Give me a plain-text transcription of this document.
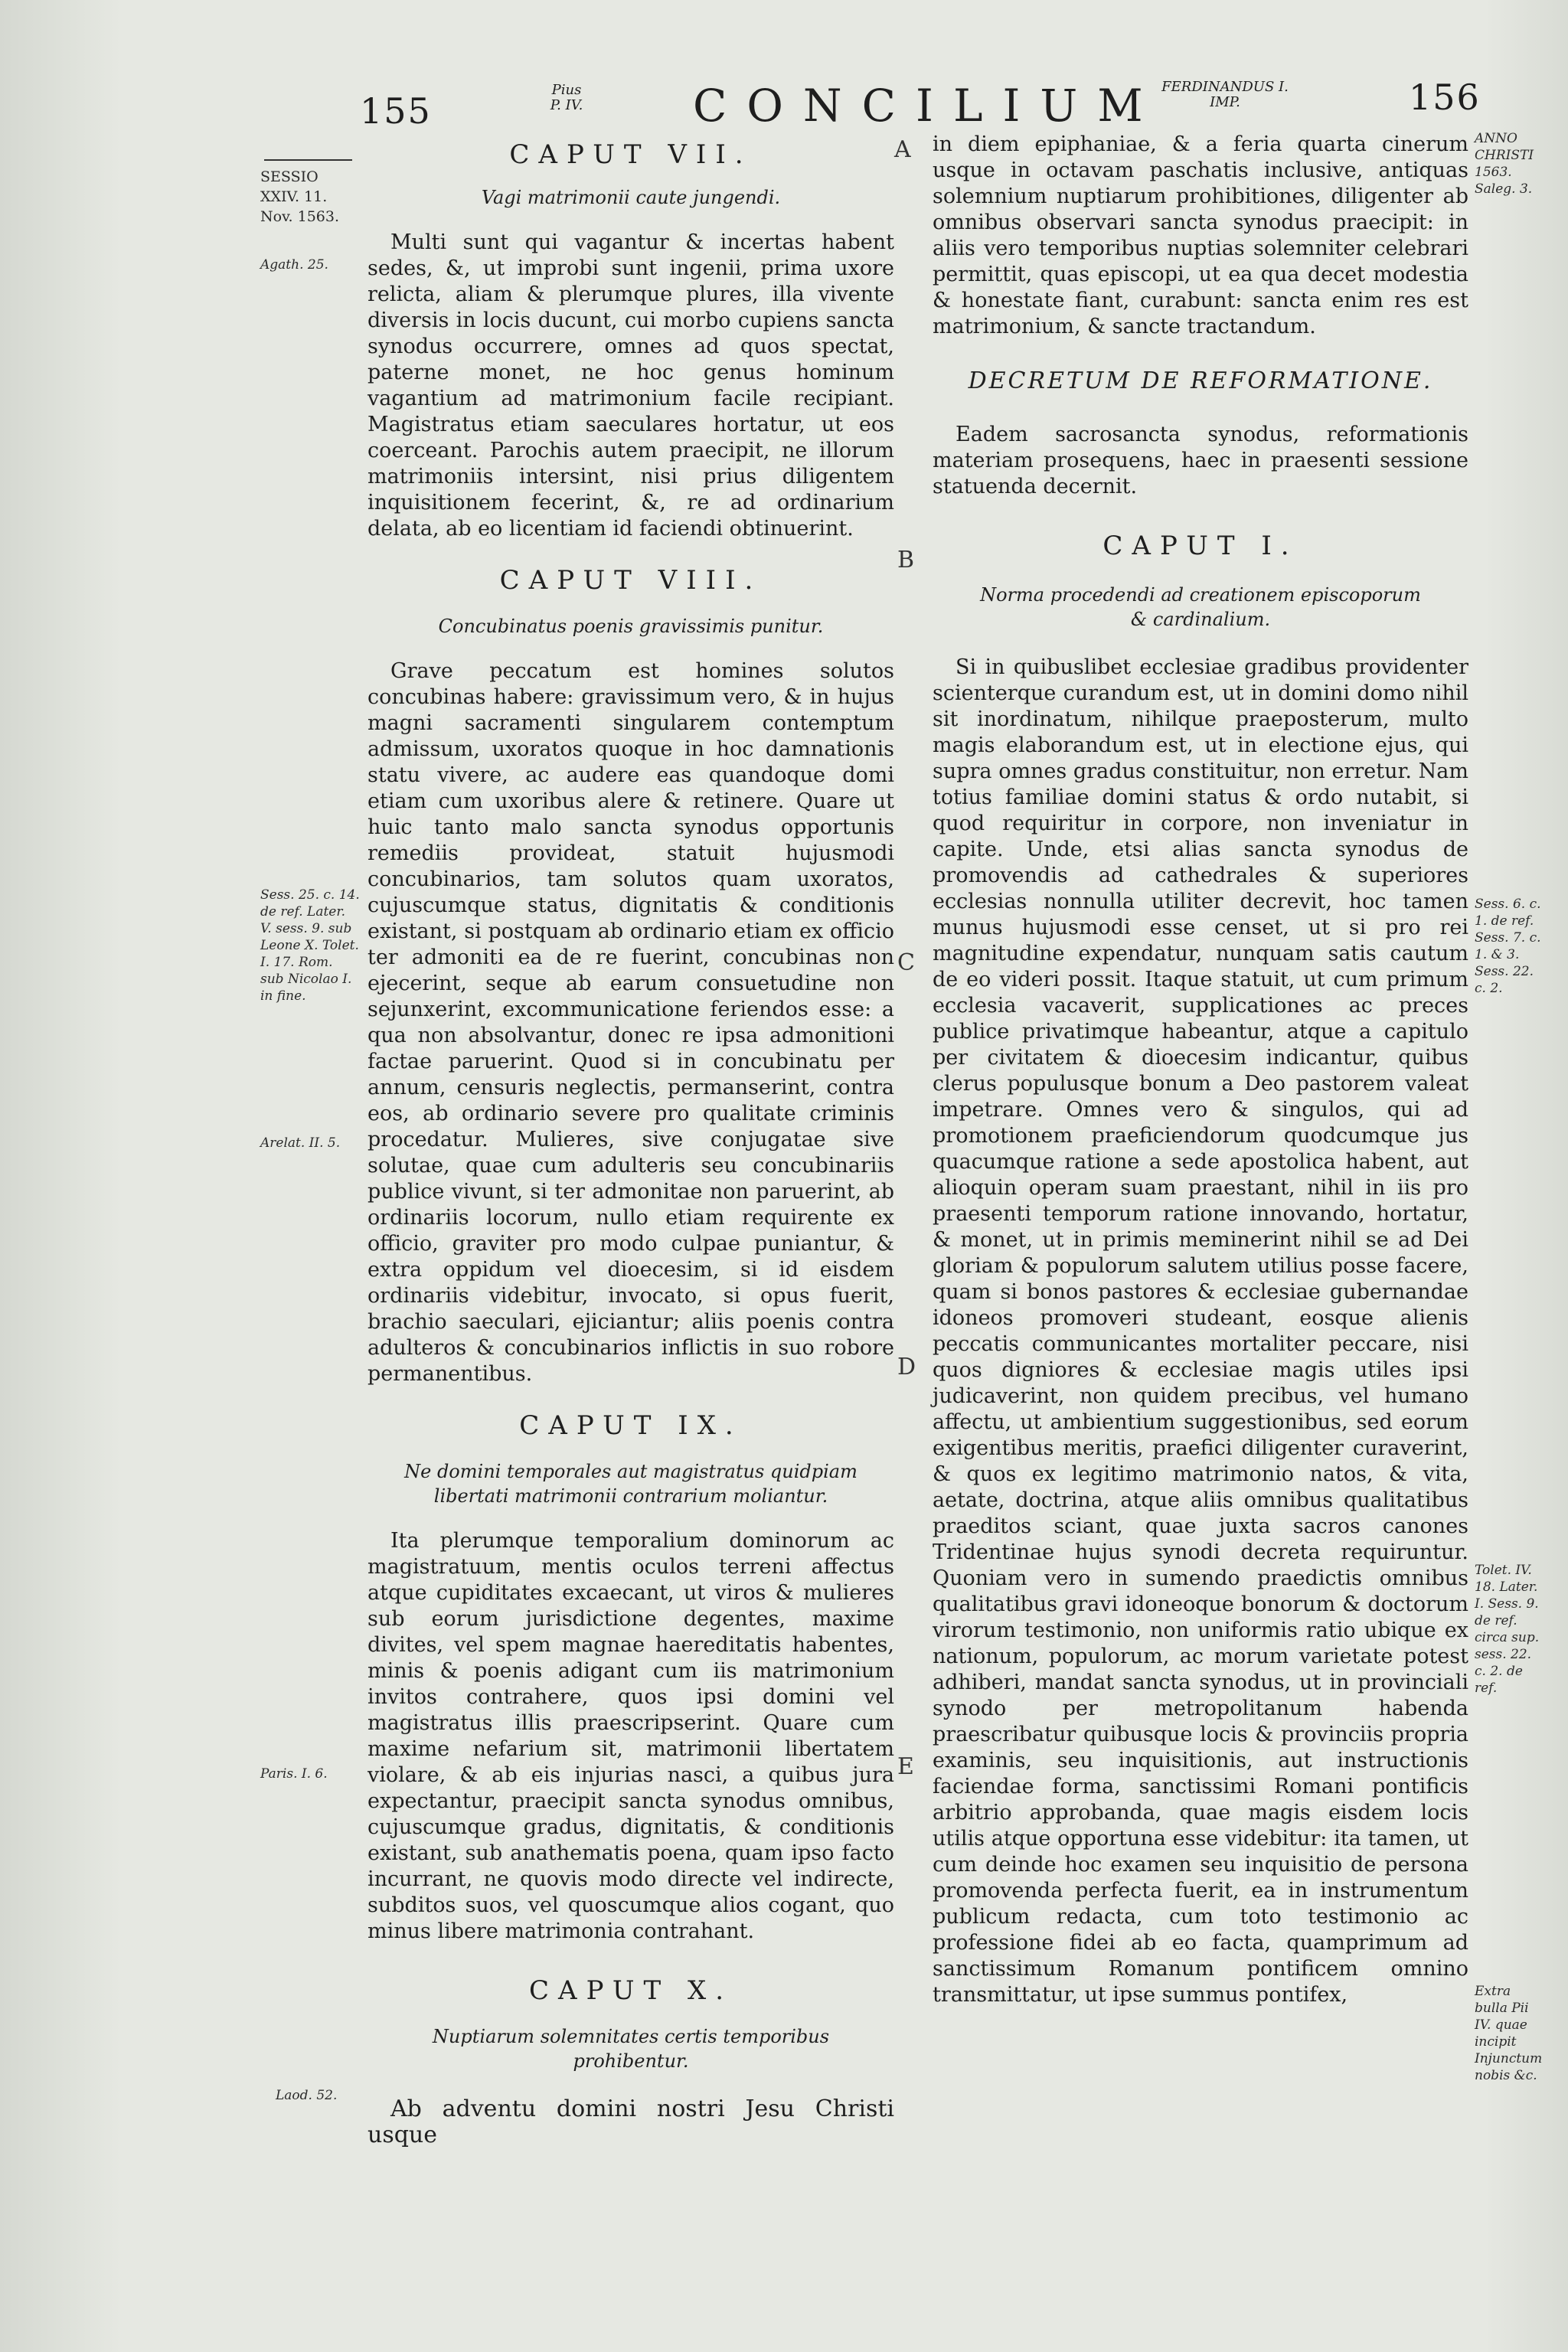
155
Pius
P. IV.	CONCILIUM
FERDINANDUS I.
IMP.	156
SESSIO XXIV. 11. Nov. 1563.
Agath. 25.
Sess. 25. c. 14. de ref. Later. V. sess. 9. sub Leone X. Tolet. I. 17. Rom. sub Nicolao I. in fine.
Arelat. II. 5.
Paris. I. 6.
Laod. 52.
ANNO CHRISTI 1563. Saleg. 3.
Sess. 6. c. 1. de ref. Sess. 7. c. 1. & 3. Sess. 22. c. 2.
Tolet. IV. 18. Later. I. Sess. 9. de ref. circa sup. sess. 22. c. 2. de ref.
Extra bulla Pii IV. quae incipit Injunctum nobis &c.
A
B
C
D
E
CAPUT VII.
Vagi matrimonii caute jungendi.

Multi sunt qui vagantur & incertas habent sedes, &, ut improbi sunt ingenii, prima uxore relicta, aliam & plerumque plures, illa vivente diversis in locis ducunt, cui morbo cupiens sancta synodus occurrere, omnes ad quos spectat, paterne monet, ne hoc genus hominum vagantium ad matrimonium facile recipiant. Magistratus etiam saeculares hortatur, ut eos coerceant. Parochis autem praecipit, ne illorum matrimoniis intersint, nisi prius diligentem inquisitionem fecerint, &, re ad ordinarium delata, ab eo licentiam id faciendi obtinuerint.

CAPUT VIII.
Concubinatus poenis gravissimis punitur.

Grave peccatum est homines solutos concubinas habere: gravissimum vero, & in hujus magni sacramenti singularem contemptum admissum, uxoratos quoque in hoc damnationis statu vivere, ac audere eas quandoque domi etiam cum uxoribus alere & retinere. Quare ut huic tanto malo sancta synodus opportunis remediis provideat, statuit hujusmodi concubinarios, tam solutos quam uxoratos, cujuscumque status, dignitatis & conditionis existant, si postquam ab ordinario etiam ex officio ter admoniti ea de re fuerint, concubinas non ejecerint, seque ab earum consuetudine non sejunxerint, excommunicatione feriendos esse: a qua non absolvantur, donec re ipsa admonitioni factae paruerint. Quod si in concubinatu per annum, censuris neglectis, permanserint, contra eos, ab ordinario severe pro qualitate criminis procedatur. Mulieres, sive conjugatae sive solutae, quae cum adulteris seu concubinariis publice vivunt, si ter admonitae non paruerint, ab ordinariis locorum, nullo etiam requirente ex officio, graviter pro modo culpae puniantur, & extra oppidum vel dioecesim, si id eisdem ordinariis videbitur, invocato, si opus fuerit, brachio saeculari, ejiciantur; aliis poenis contra adulteros & concubinarios inflictis in suo robore permanentibus.

CAPUT IX.
Ne domini temporales aut magistratus quidpiam libertati matrimonii contrarium moliantur.

Ita plerumque temporalium dominorum ac magistratuum, mentis oculos terreni affectus atque cupiditates excaecant, ut viros & mulieres sub eorum jurisdictione degentes, maxime divites, vel spem magnae haereditatis habentes, minis & poenis adigant cum iis matrimonium invitos contrahere, quos ipsi domini vel magistratus illis praescripserint. Quare cum maxime nefarium sit, matrimonii libertatem violare, & ab eis injurias nasci, a quibus jura expectantur, praecipit sancta synodus omnibus, cujuscumque gradus, dignitatis, & conditionis existant, sub anathematis poena, quam ipso facto incurrant, ne quovis modo directe vel indirecte, subditos suos, vel quoscumque alios cogant, quo minus libere matrimonia contrahant.

CAPUT X.
Nuptiarum solemnitates certis temporibus prohibentur.

Ab adventu domini nostri Jesu Christi usque

in diem epiphaniae, & a feria quarta cinerum usque in octavam paschatis inclusive, antiquas solemnium nuptiarum prohibitiones, diligenter ab omnibus observari sancta synodus praecipit: in aliis vero temporibus nuptias solemniter celebrari permittit, quas episcopi, ut ea qua decet modestia & honestate fiant, curabunt: sancta enim res est matrimonium, & sancte tractandum.

DECRETUM DE REFORMATIONE.

Eadem sacrosancta synodus, reformationis materiam prosequens, haec in praesenti sessione statuenda decernit.

CAPUT I.
Norma procedendi ad creationem episcoporum & cardinalium.

Si in quibuslibet ecclesiae gradibus providenter scienterque curandum est, ut in domini domo nihil sit inordinatum, nihilque praeposterum, multo magis elaborandum est, ut in electione ejus, qui supra omnes gradus constituitur, non erretur. Nam totius familiae domini status & ordo nutabit, si quod requiritur in corpore, non inveniatur in capite. Unde, etsi alias sancta synodus de promovendis ad cathedrales & superiores ecclesias nonnulla utiliter decrevit, hoc tamen munus hujusmodi esse censet, ut si pro rei magnitudine expendatur, nunquam satis cautum de eo videri possit. Itaque statuit, ut cum primum ecclesia vacaverit, supplicationes ac preces publice privatimque habeantur, atque a capitulo per civitatem & dioecesim indicantur, quibus clerus populusque bonum a Deo pastorem valeat impetrare. Omnes vero & singulos, qui ad promotionem praeficiendorum quodcumque jus quacumque ratione a sede apostolica habent, aut alioquin operam suam praestant, nihil in iis pro praesenti temporum ratione innovando, hortatur, & monet, ut in primis meminerint nihil se ad Dei gloriam & populorum salutem utilius posse facere, quam si bonos pastores & ecclesiae gubernandae idoneos promoveri studeant, eosque alienis peccatis communicantes mortaliter peccare, nisi quos digniores & ecclesiae magis utiles ipsi judicaverint, non quidem precibus, vel humano affectu, ut ambientium suggestionibus, sed eorum exigentibus meritis, praefici diligenter curaverint, & quos ex legitimo matrimonio natos, & vita, aetate, doctrina, atque aliis omnibus qualitatibus praeditos sciant, quae juxta sacros canones Tridentinae hujus synodi decreta requiruntur. Quoniam vero in sumendo praedictis omnibus qualitatibus gravi idoneoque bonorum & doctorum virorum testimonio, non uniformis ratio ubique ex nationum, populorum, ac morum varietate potest adhiberi, mandat sancta synodus, ut in provinciali synodo per metropolitanum habenda praescribatur quibusque locis & provinciis propria examinis, seu inquisitionis, aut instructionis faciendae forma, sanctissimi Romani pontificis arbitrio approbanda, quae magis eisdem locis utilis atque opportuna esse videbitur: ita tamen, ut cum deinde hoc examen seu inquisitio de persona promovenda perfecta fuerit, ea in instrumentum publicum redacta, cum toto testimonio ac professione fidei ab eo facta, quamprimum ad sanctissimum Romanum pontificem omnino transmittatur, ut ipse summus pontifex,
